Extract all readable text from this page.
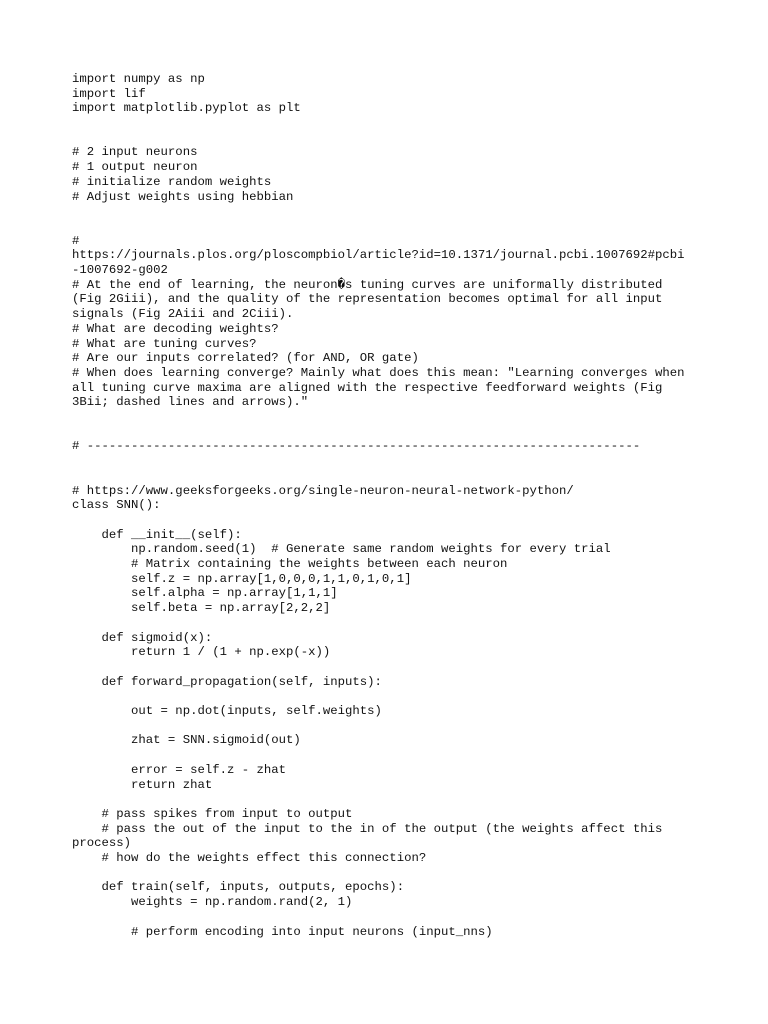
import numpy as np
import lif
import matplotlib.pyplot as plt
# 2 input neurons
# 1 output neuron
# initialize random weights
# Adjust weights using hebbian
#
https://journals.plos.org/ploscompbiol/article?id=10.1371/journal.pcbi.1007692#pcbi
-1007692-g002
# At the end of learning, the neuron�s tuning curves are uniformally distributed
(Fig 2Giii), and the quality of the representation becomes optimal for all input
signals (Fig 2Aiii and 2Ciii).
# What are decoding weights?
# What are tuning curves?
# Are our inputs correlated? (for AND, OR gate)
# When does learning converge? Mainly what does this mean: "Learning converges when
all tuning curve maxima are aligned with the respective feedforward weights (Fig
3Bii; dashed lines and arrows)."
# ---------------------------------------------------------------------------
# https://www.geeksforgeeks.org/single-neuron-neural-network-python/
class SNN():
def __init__(self):
np.random.seed(1)  # Generate same random weights for every trial
# Matrix containing the weights between each neuron
self.z = np.array[1,0,0,0,1,1,0,1,0,1]
self.alpha = np.array[1,1,1]
self.beta = np.array[2,2,2]
def sigmoid(x):
return 1 / (1 + np.exp(-x))
def forward_propagation(self, inputs):
out = np.dot(inputs, self.weights)
zhat = SNN.sigmoid(out)
error = self.z - zhat
return zhat
# pass spikes from input to output
# pass the out of the input to the in of the output (the weights affect this
process)
# how do the weights effect this connection?
def train(self, inputs, outputs, epochs):
weights = np.random.rand(2, 1)
# perform encoding into input neurons (input_nns)
